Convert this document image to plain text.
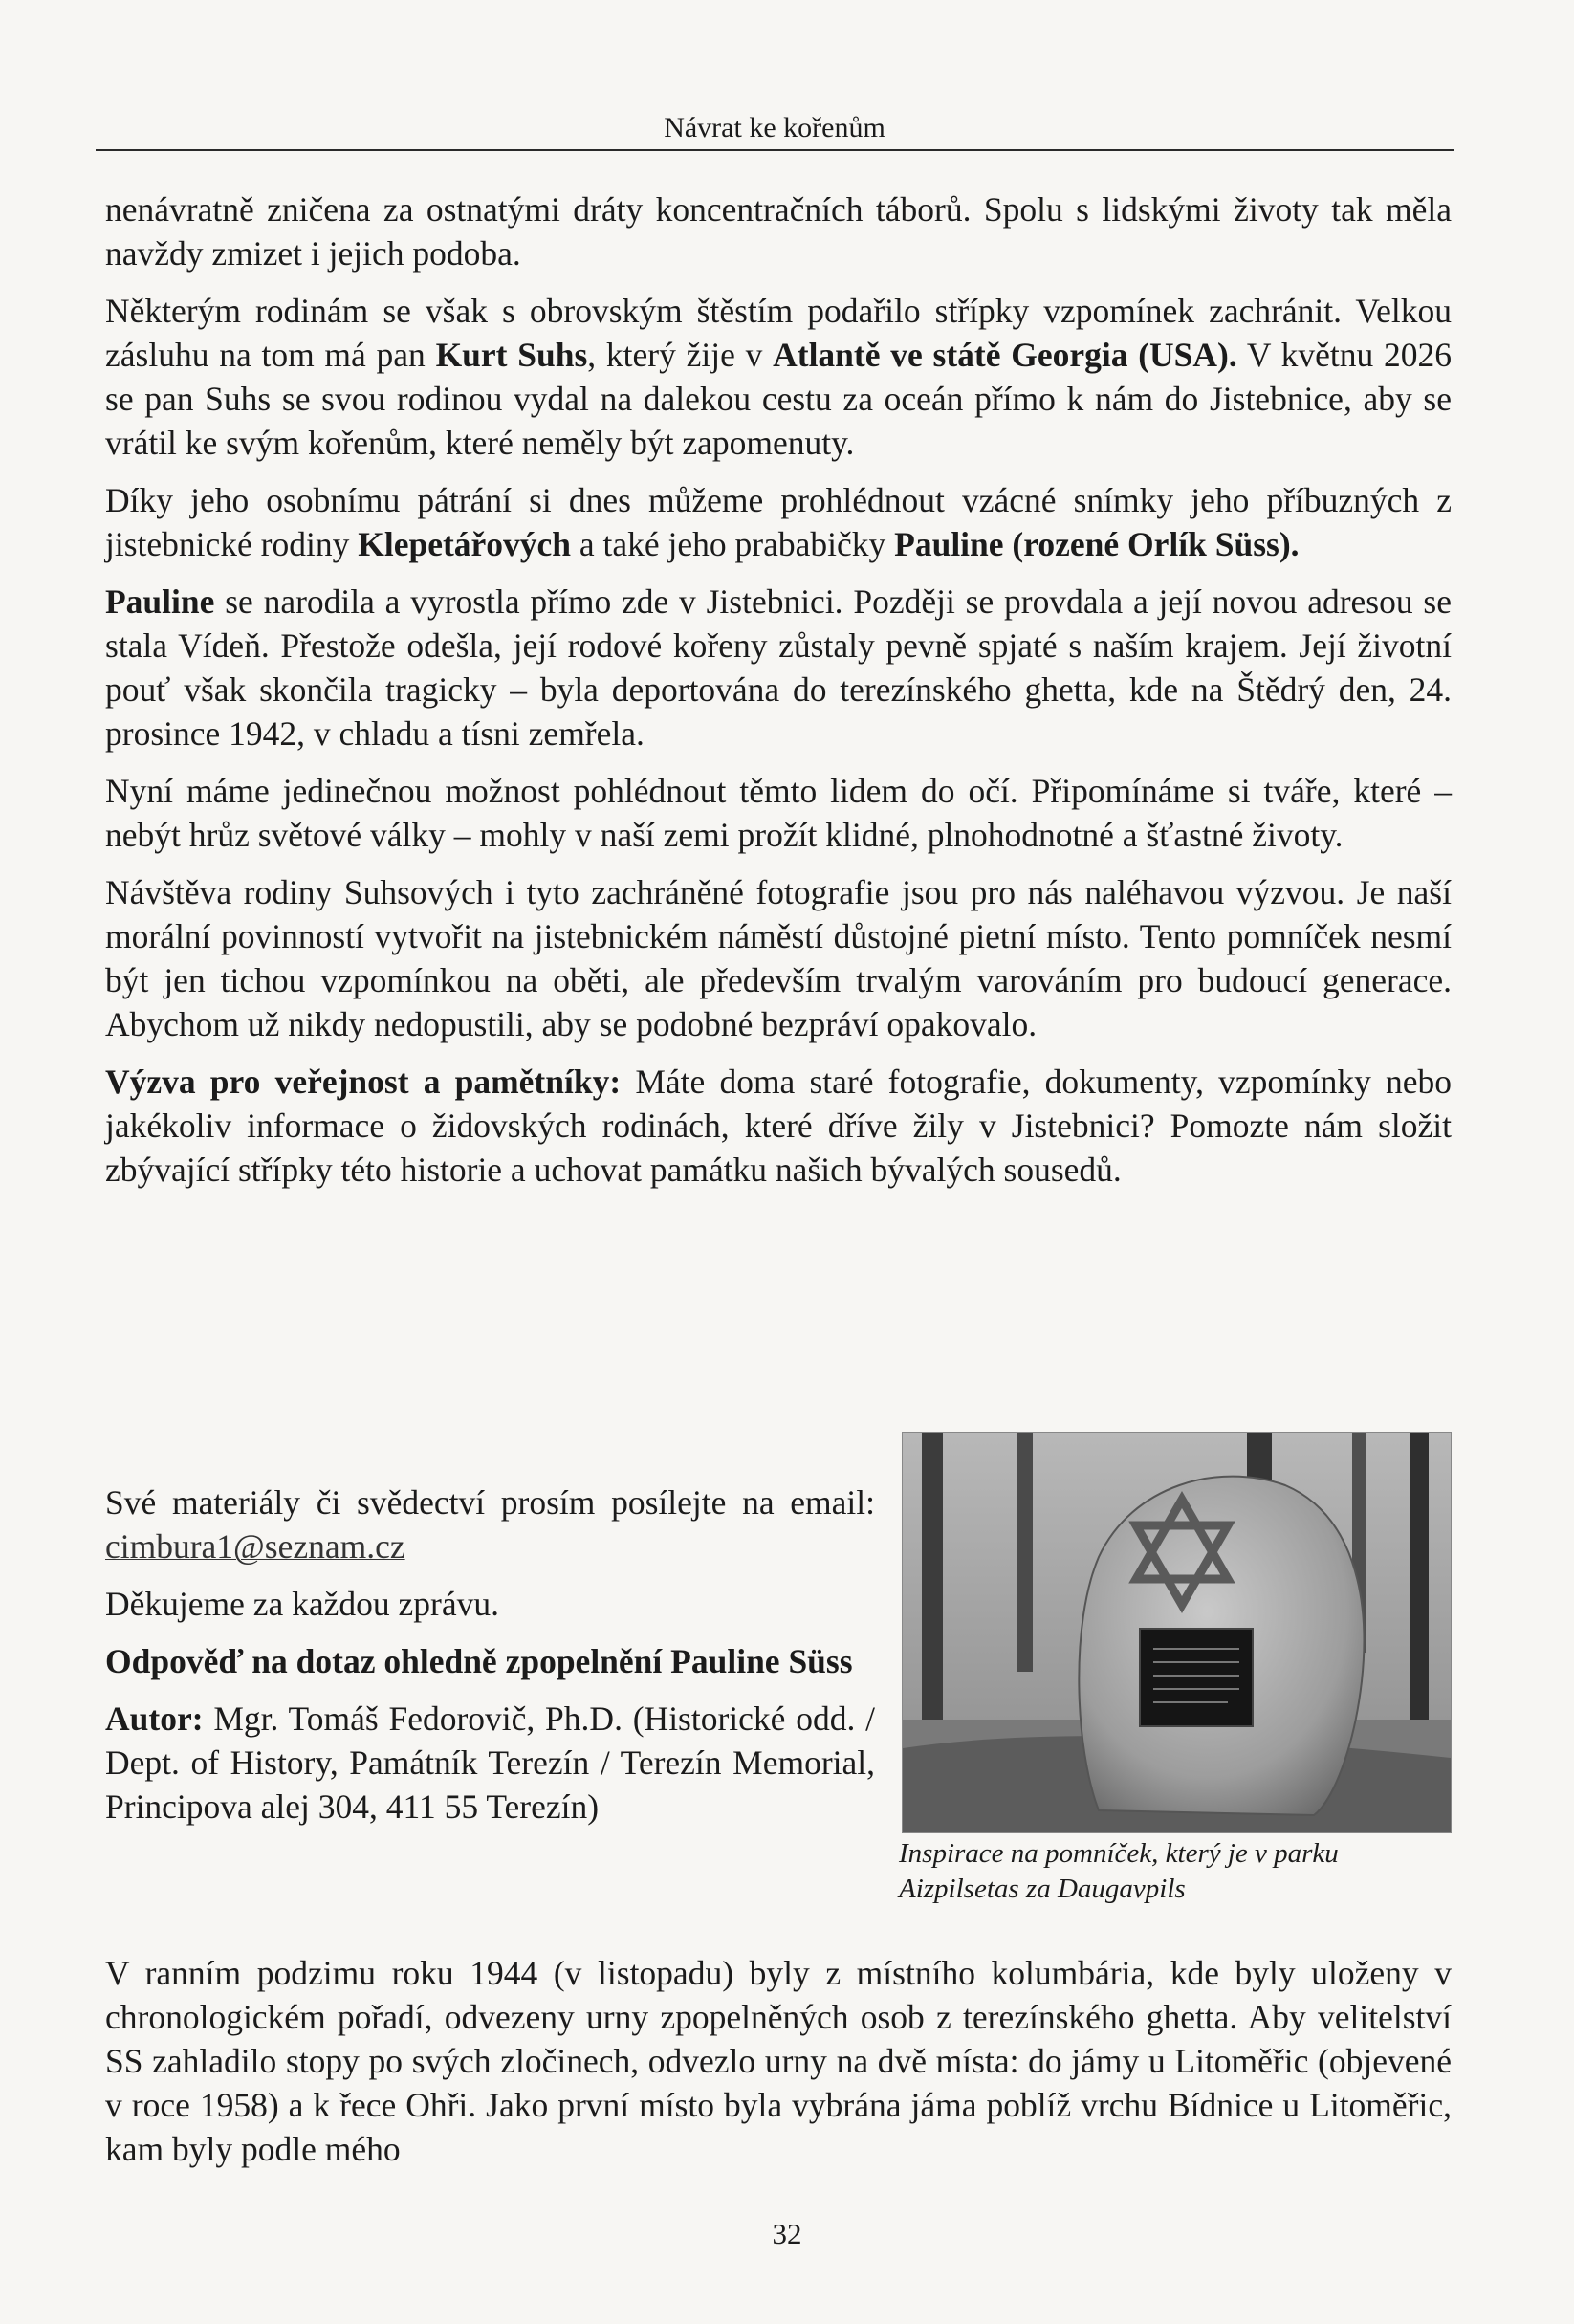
Návrat ke kořenům

nenávratně zničena za ostnatými dráty koncentračních táborů. Spolu s lidskými životy tak měla navždy zmizet i jejich podoba.

Některým rodinám se však s obrovským štěstím podařilo střípky vzpomínek zachránit. Velkou zásluhu na tom má pan Kurt Suhs, který žije v Atlantě ve státě Georgia (USA). V květnu 2026 se pan Suhs se svou rodinou vydal na dalekou cestu za oceán přímo k nám do Jistebnice, aby se vrátil ke svým kořenům, které neměly být zapomenuty.

Díky jeho osobnímu pátrání si dnes můžeme prohlédnout vzácné snímky jeho příbuzných z jistebnické rodiny Klepetářových a také jeho prababičky Pauline (rozené Orlík Süss).

Pauline se narodila a vyrostla přímo zde v Jistebnici. Později se provdala a její novou adresou se stala Vídeň. Přestože odešla, její rodové kořeny zůstaly pevně spjaté s naším krajem. Její životní pouť však skončila tragicky – byla deportována do terezínského ghetta, kde na Štědrý den, 24. prosince 1942, v chladu a tísni zemřela.

Nyní máme jedinečnou možnost pohlédnout těmto lidem do očí. Připomínáme si tváře, které – nebýt hrůz světové války – mohly v naší zemi prožít klidné, plnohodnotné a šťastné životy.

Návštěva rodiny Suhsových i tyto zachráněné fotografie jsou pro nás naléhavou výzvou. Je naší morální povinností vytvořit na jistebnickém náměstí důstojné pietní místo. Tento pomníček nesmí být jen tichou vzpomínkou na oběti, ale především trvalým varováním pro budoucí generace. Abychom už nikdy nedopustili, aby se podobné bezpráví opakovalo.

Výzva pro veřejnost a pamětníky: Máte doma staré fotografie, dokumenty, vzpomínky nebo jakékoliv informace o židovských rodinách, které dříve žily v Jistebnici? Pomozte nám složit zbývající střípky této historie a uchovat památku našich bývalých sousedů.

Své materiály či svědectví prosím posílejte na email: cimbura1@seznam.cz

Děkujeme za každou zprávu.

Odpověď na dotaz ohledně zpopelnění Pauline Süss

Autor: Mgr. Tomáš Fedorovič, Ph.D. (Historické odd. / Dept. of History, Památník Terezín / Terezín Memorial, Principova alej 304, 411 55 Terezín)

Inspirace na pomníček, který je v parku Aizpilsetas za Daugavpils

V ranním podzimu roku 1944 (v listopadu) byly z místního kolumbária, kde byly uloženy v chronologickém pořadí, odvezeny urny zpopelněných osob z terezínského ghetta. Aby velitelství SS zahladilo stopy po svých zločinech, odvezlo urny na dvě místa: do jámy u Litoměřic (objevené v roce 1958) a k řece Ohři. Jako první místo byla vybrána jáma poblíž vrchu Bídnice u Litoměřic, kam byly podle mého

32
